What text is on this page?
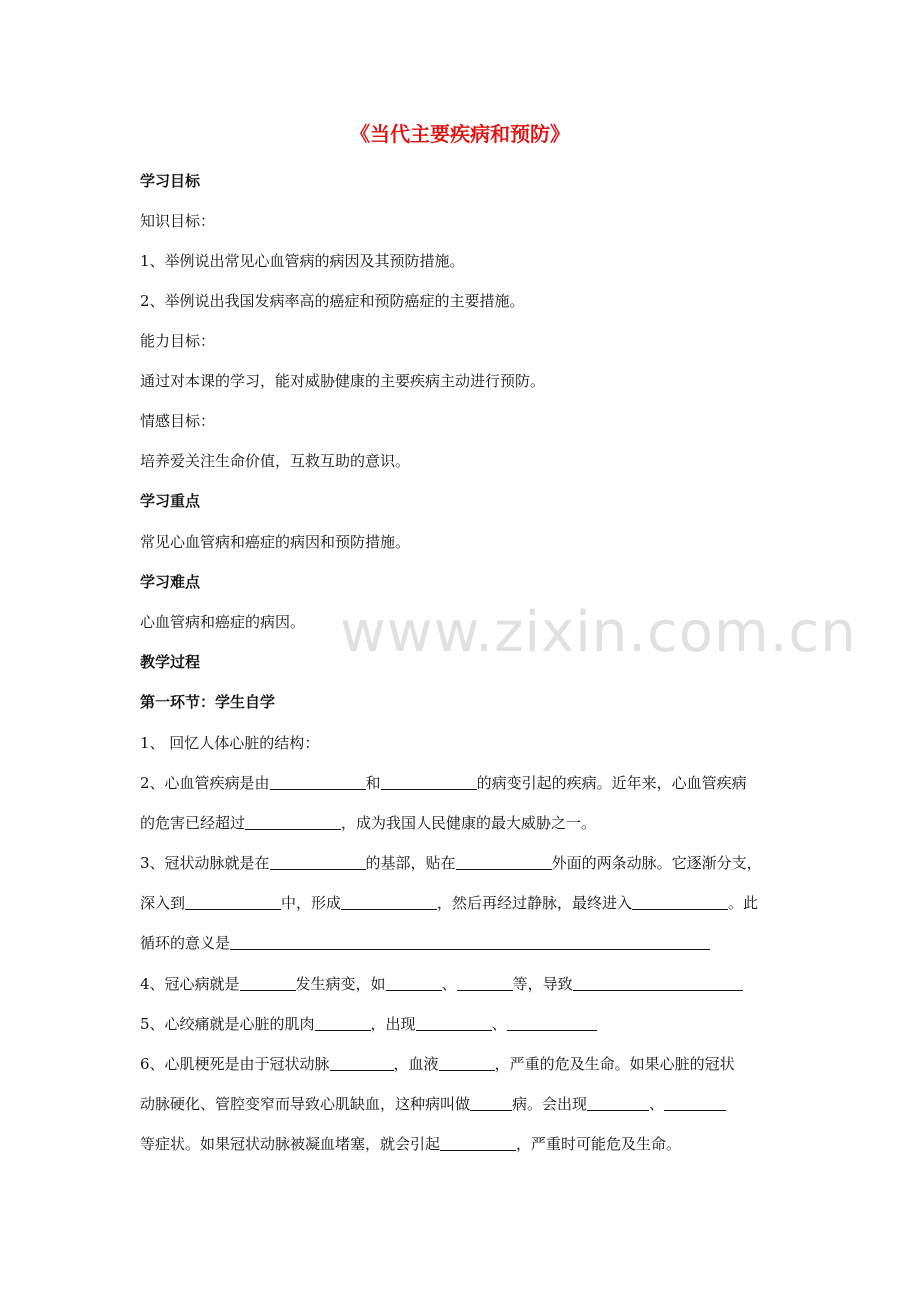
www.zixin.com.cn
《当代主要疾病和预防》
学习目标
知识目标：
1、举例说出常见心血管病的病因及其预防措施。
2、举例说出我国发病率高的癌症和预防癌症的主要措施。
能力目标：
通过对本课的学习，能对威胁健康的主要疾病主动进行预防。
情感目标：
培养爱关注生命价值，互救互助的意识。
学习重点
常见心血管病和癌症的病因和预防措施。
学习难点
心血管病和癌症的病因。
教学过程
第一环节：学生自学
1、 回忆人体心脏的结构：
2、心血管疾病是由	和	的病变引起的疾病。近年来，心血管疾病
的危害已经超过	，成为我国人民健康的最大威胁之一。
3、冠状动脉就是在	的基部，贴在	外面的两条动脉。它逐渐分支，
深入到	中，形成	，然后再经过静脉，最终进入	。此
循环的意义是
4、冠心病就是	发生病变，如	、	等，导致
5、心绞痛就是心脏的肌肉	，出现	、
6、心肌梗死是由于冠状动脉	，血液	，严重的危及生命。如果心脏的冠状
动脉硬化、管腔变窄而导致心肌缺血，这种病叫做	病。会出现	、
等症状。如果冠状动脉被凝血堵塞，就会引起	，严重时可能危及生命。
